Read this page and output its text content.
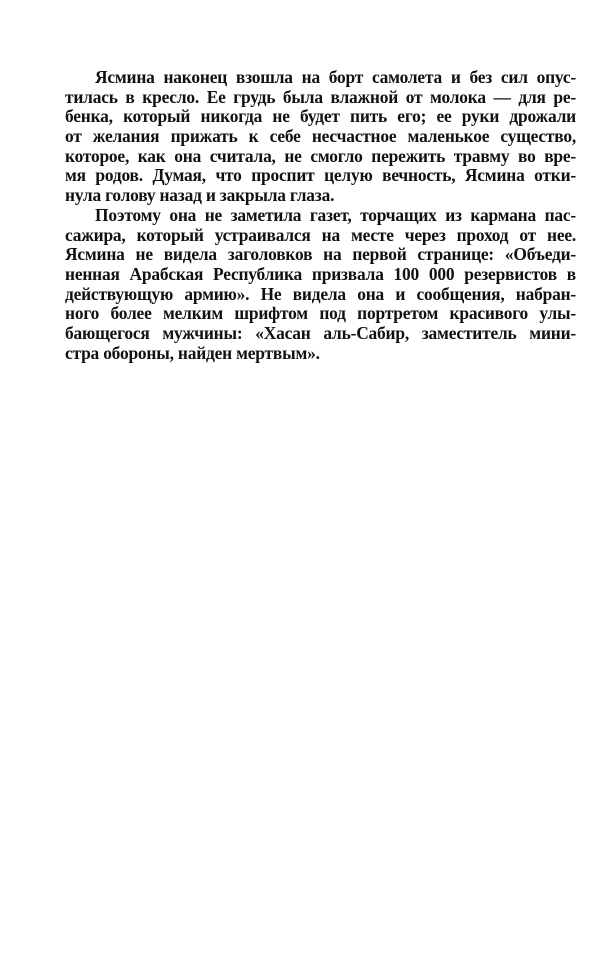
Ясмина наконец взошла на борт самолета и без сил опус-
тилась в кресло. Ее грудь была влажной от молока — для ре-
бенка, который никогда не будет пить его; ее руки дрожали
от желания прижать к себе несчастное маленькое существо,
которое, как она считала, не смогло пережить травму во вре-
мя родов. Думая, что проспит целую вечность, Ясмина отки-
нула голову назад и закрыла глаза.
Поэтому она не заметила газет, торчащих из кармана пас-
сажира, который устраивался на месте через проход от нее.
Ясмина не видела заголовков на первой странице: «Объеди-
ненная Арабская Республика призвала 100 000 резервистов в
действующую армию». Не видела она и сообщения, набран-
ного более мелким шрифтом под портретом красивого улы-
бающегося мужчины: «Хасан аль-Сабир, заместитель мини-
стра обороны, найден мертвым».
